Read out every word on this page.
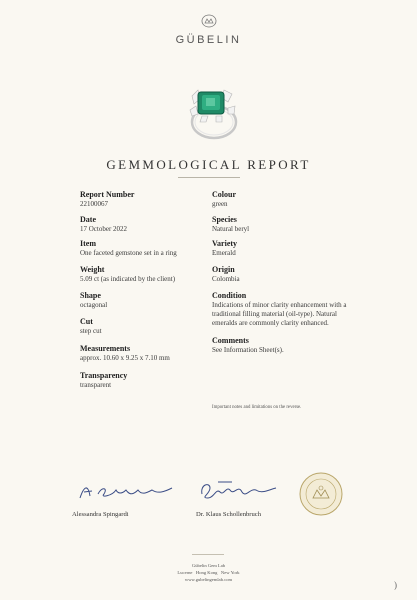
GÜBELIN
GEMMOLOGICAL REPORT
Report Number
22100067
Date
17 October 2022
Item
One faceted gemstone set in a ring
Weight
5.09 ct (as indicated by the client)
Shape
octagonal
Cut
step cut
Measurements
approx. 10.60 x 9.25 x 7.10 mm
Transparency
transparent
Colour
green
Species
Natural beryl
Variety
Emerald
Origin
Colombia
Condition
Indications of minor clarity enhancement with a traditional filling material (oil-type). Natural emeralds are commonly clarity enhanced.
Comments
See Information Sheet(s).
Important notes and limitations on the reverse.
Alessandra Spingardi	Dr. Klaus Schollenbruch
Gübelin Gem Lab
Lucerne   Hong Kong   New York
www.gubelingemlab.com
)
